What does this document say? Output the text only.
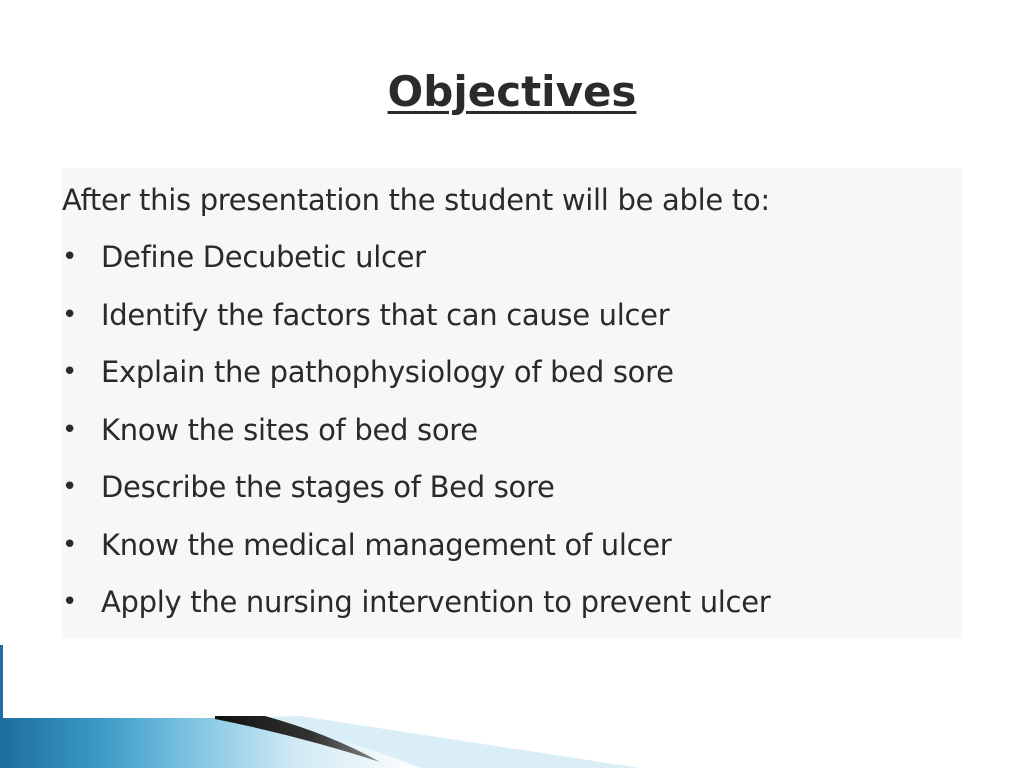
Objectives
After this presentation the student will be able to:
• Define Decubetic ulcer
• Identify the factors that can cause ulcer
• Explain the pathophysiology of bed sore
• Know the sites of bed sore
• Describe the stages of Bed sore
• Know the medical management of ulcer
• Apply the nursing intervention to prevent ulcer
